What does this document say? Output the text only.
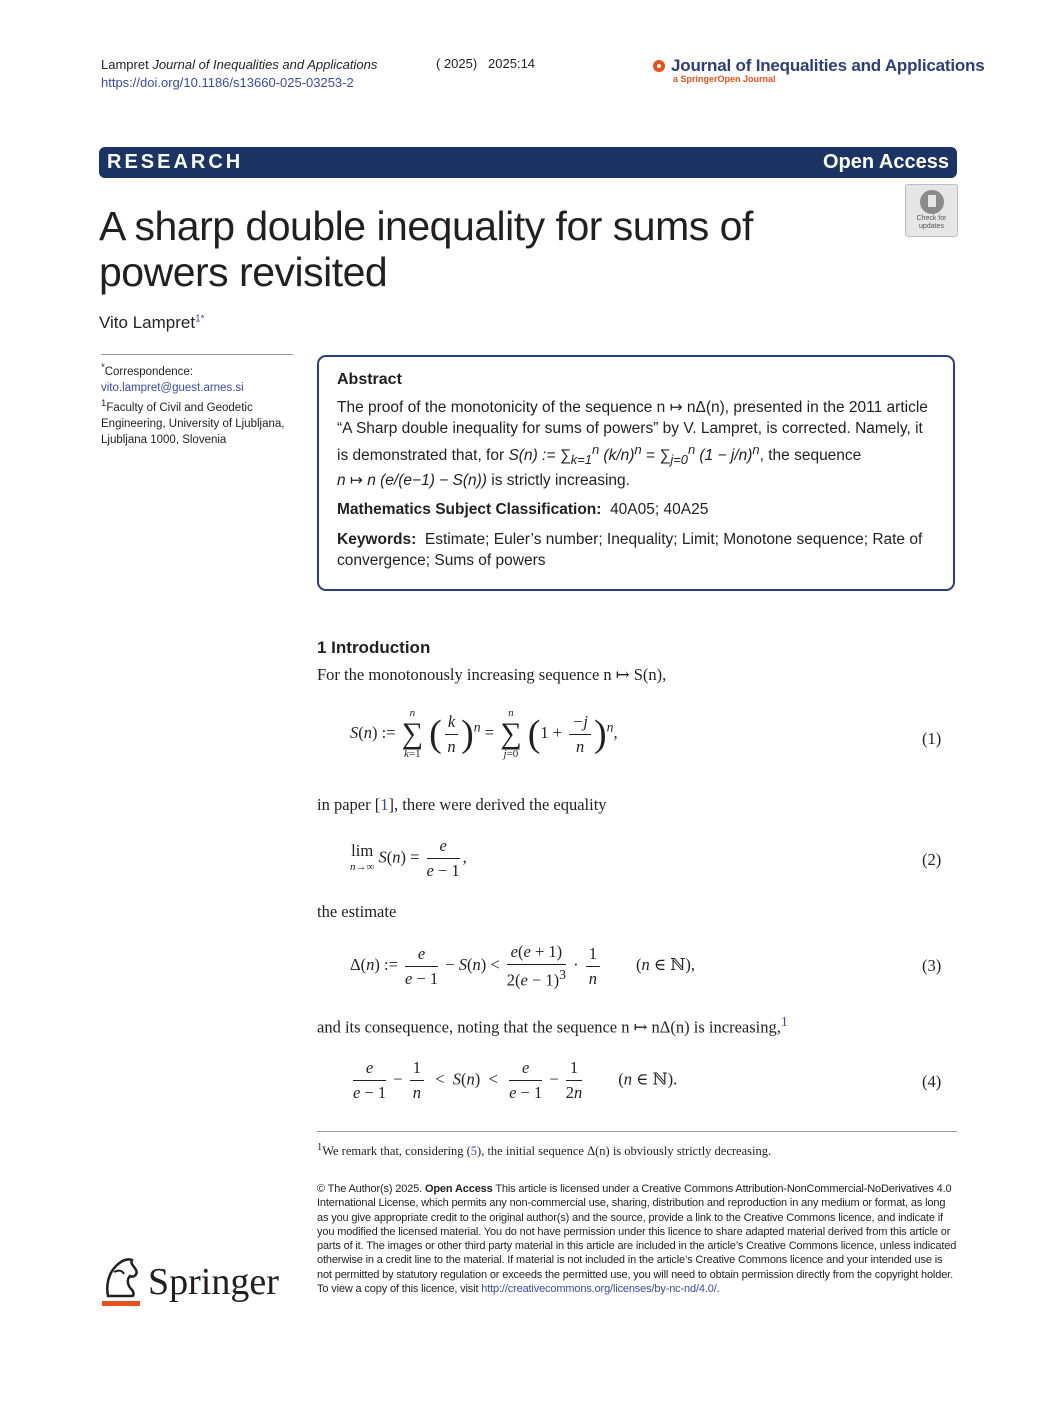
Lampret Journal of Inequalities and Applications
https://doi.org/10.1186/s13660-025-03253-2
( 2025) 2025:14	Journal of Inequalities and Applications
a SpringerOpen Journal
RESEARCH	Open Access
A sharp double inequality for sums of powers revisited
Check for updates
Vito Lampret$^{1*}$
*Correspondence:
vito.lampret@guest.arnes.si
$^1$Faculty of Civil and Geodetic Engineering, University of Ljubljana, Ljubljana 1000, Slovenia
Abstract
The proof of the monotonicity of the sequence n ↦ nΔ(n), presented in the 2011 article “A Sharp double inequality for sums of powers” by V. Lampret, is corrected. Namely, it is demonstrated that, for S(n) := $\sum_{k=1}^n$ $(k/n)^n = \sum_{j=0}^n$ $(1 - j/n)^n$, the sequence
n ↦ n (e/(e−1) − S(n)) is strictly increasing.
Mathematics Subject Classification: 40A05; 40A25
Keywords: Estimate; Euler’s number; Inequality; Limit; Monotone sequence; Rate of convergence; Sums of powers
1 Introduction
For the monotonously increasing sequence n ↦ S(n),
S(n) := n
∑
k=1 ( $\frac{k}{n} )^n = n$
∑
j=0 $(1 + \frac{-j}{n} )^n$,	(1)
in paper [1], there were derived the equality
lim
n→∞ $S(n) = \frac{e}{e - 1}$ ,	(2)
the estimate
Δ(n) := $\frac{e}{e - 1} - S(n) < \frac{e(e + 1)}{2(e - 1)^3} \cdot \frac{1}{n} (n$ ∈ ℕ),	(3)
and its consequence, noting that the sequence n ↦ nΔ(n) is increasing,$^1$
$\frac{e}{e - 1} - \frac{1}{n} < S(n) < \frac{e}{e - 1} - \frac{1}{2n} (n$ ∈ ℕ).	(4)
$^1$We remark that, considering (5), the initial sequence Δ(n) is obviously strictly decreasing.
© The Author(s) 2025. Open Access This article is licensed under a Creative Commons Attribution-NonCommercial-NoDerivatives 4.0 International License, which permits any non-commercial use, sharing, distribution and reproduction in any medium or format, as long as you give appropriate credit to the original author(s) and the source, provide a link to the Creative Commons licence, and indicate if you modified the licensed material. You do not have permission under this licence to share adapted material derived from this article or parts of it. The images or other third party material in this article are included in the article’s Creative Commons licence, unless indicated otherwise in a credit line to the material. If material is not included in the article’s Creative Commons licence and your intended use is not permitted by statutory regulation or exceeds the permitted use, you will need to obtain permission directly from the copyright holder. To view a copy of this licence, visit http://creativecommons.org/licenses/by-nc-nd/4.0/.
Springer
